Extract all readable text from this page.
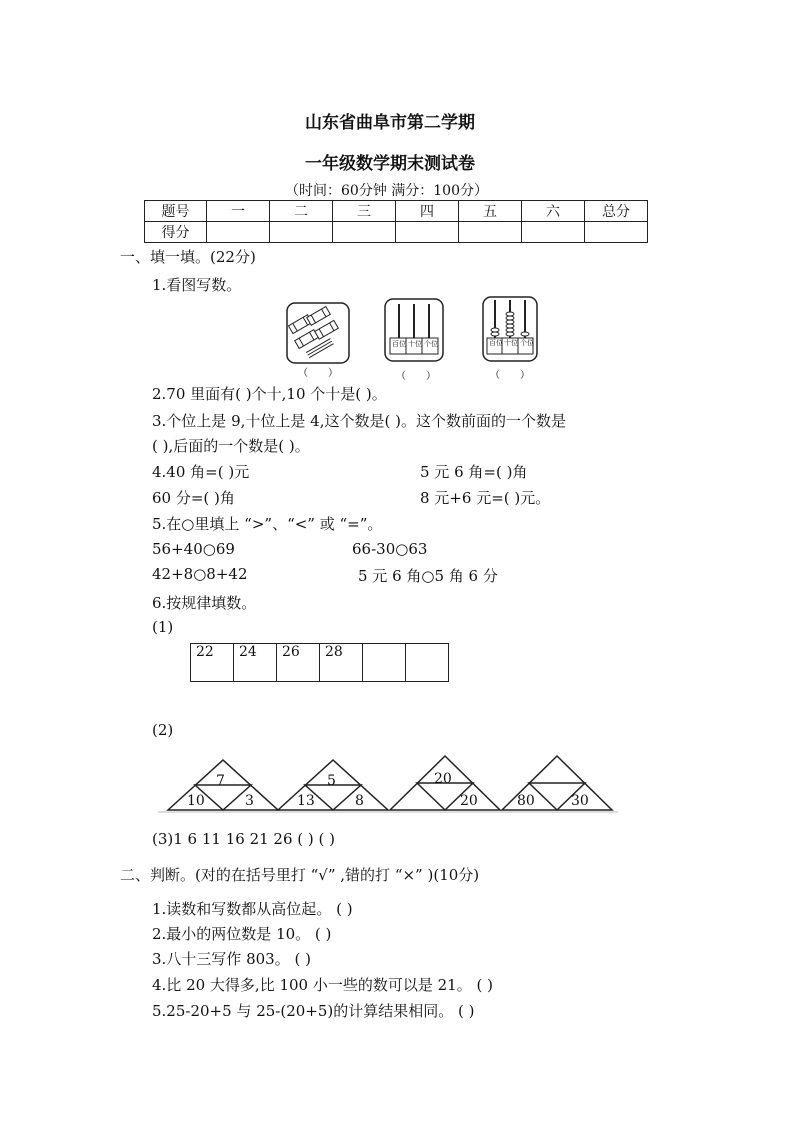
山东省曲阜市第二学期
一年级数学期末测试卷
（时间：60分钟 满分：100分）
题号	一	二	三	四	五	六	总分
得分							
一、填一填。(22分)
1.看图写数。
百位 十位 个位	百位 十位 个位
（　　）	（　　）	（　　）
2.70 里面有( )个十,10 个十是( )。
3.个位上是 9,十位上是 4,这个数是( )。这个数前面的一个数是
( ),后面的一个数是( )。
4.40 角=( )元	5 元 6 角=( )角
60 分=( )角	8 元+6 元=( )元。
5.在○里填上 “>”、“<” 或 “=”。
56+40○69	66-30○63
42+8○8+42	5 元 6 角○5 角 6 分
6.按规律填数。
(1)
22	24	26	28		
(2)
7
10	3
5
13	8
20
20	80	30
(3)1 6 11 16 21 26 ( ) ( )
二、判断。(对的在括号里打 “√” ,错的打 “×” )(10分)
1.读数和写数都从高位起。 ( )
2.最小的两位数是 10。 ( )
3.八十三写作 803。 ( )
4.比 20 大得多,比 100 小一些的数可以是 21。 ( )
5.25-20+5 与 25-(20+5)的计算结果相同。 ( )
